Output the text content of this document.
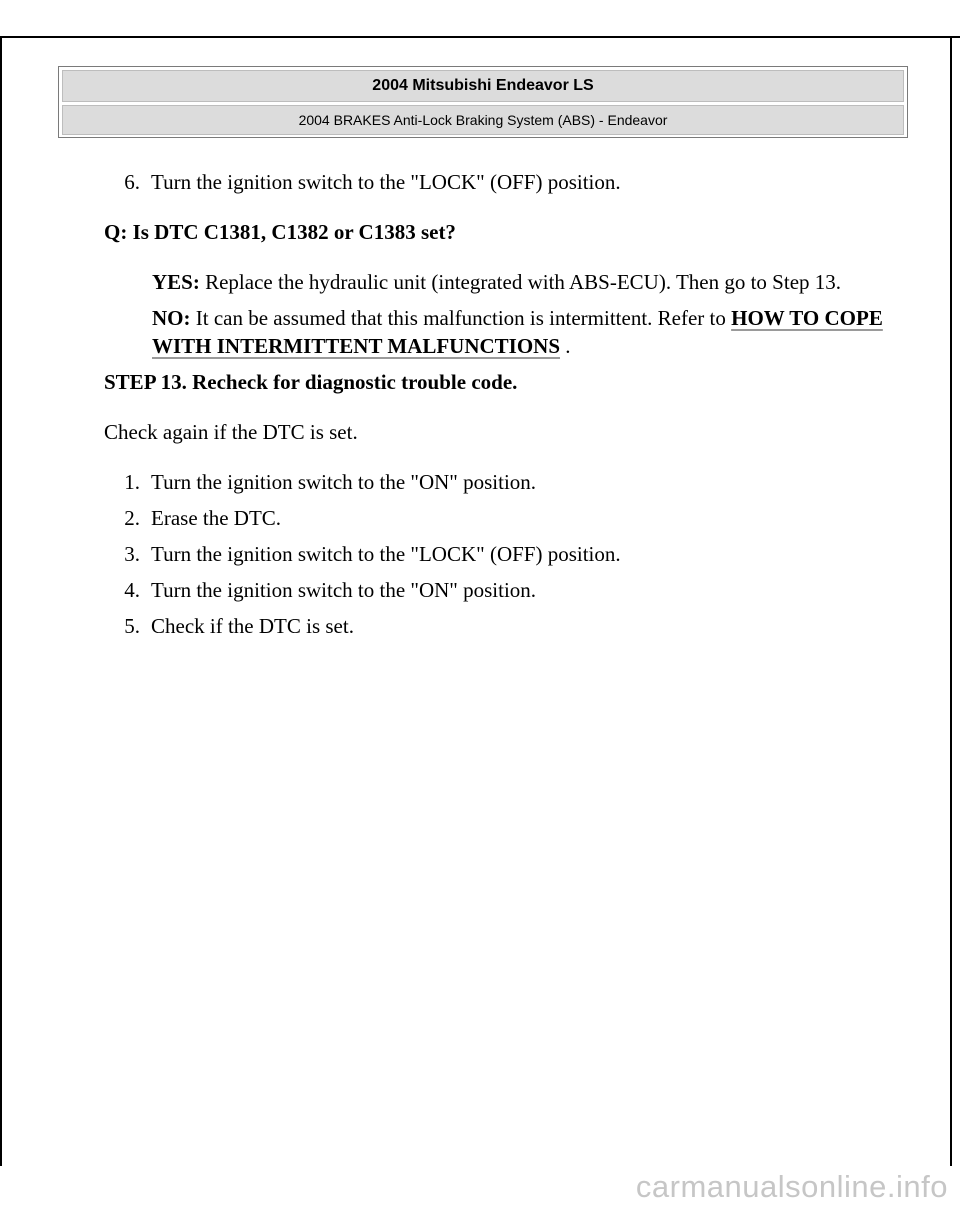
2004 Mitsubishi Endeavor LS
2004 BRAKES Anti-Lock Braking System (ABS) - Endeavor
6. Turn the ignition switch to the "LOCK" (OFF) position.
Q: Is DTC C1381, C1382 or C1383 set?
YES: Replace the hydraulic unit (integrated with ABS-ECU). Then go to Step 13.
NO: It can be assumed that this malfunction is intermittent. Refer to HOW TO COPE WITH INTERMITTENT MALFUNCTIONS .
STEP 13. Recheck for diagnostic trouble code.
Check again if the DTC is set.
1. Turn the ignition switch to the "ON" position.
2. Erase the DTC.
3. Turn the ignition switch to the "LOCK" (OFF) position.
4. Turn the ignition switch to the "ON" position.
5. Check if the DTC is set.
carmanualsonline.info
